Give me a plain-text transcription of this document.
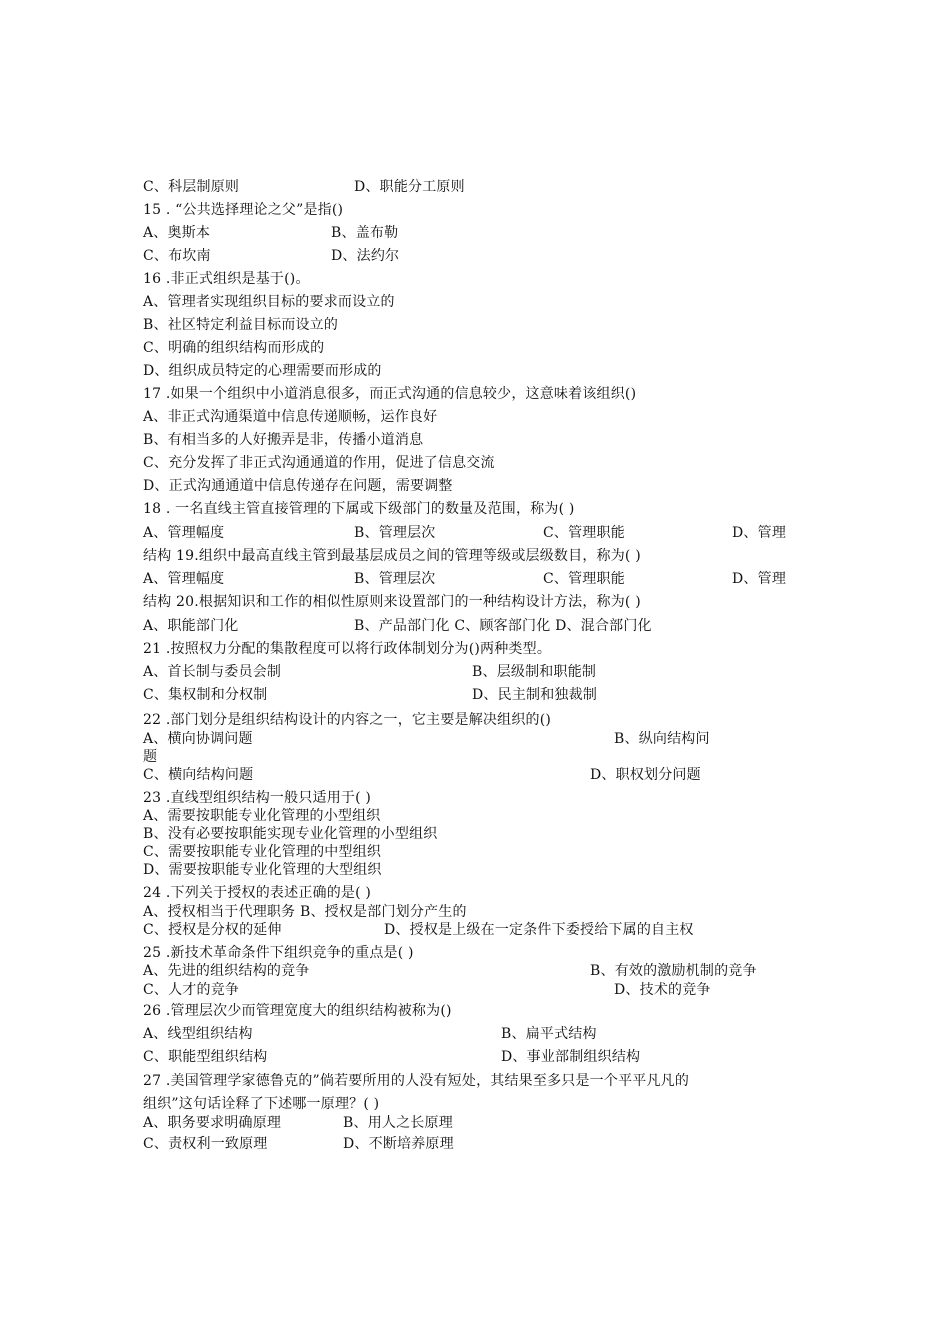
C、科层制原则	D、职能分工原则
15 . “公共选择理论之父”是指()
A、奥斯本	B、盖布勒
C、布坎南	D、法约尔
16 .非正式组织是基于()。
A、管理者实现组织目标的要求而设立的
B、社区特定利益目标而设立的
C、明确的组织结构而形成的
D、组织成员特定的心理需要而形成的
17 .如果一个组织中小道消息很多，而正式沟通的信息较少，这意味着该组织()
A、非正式沟通渠道中信息传递顺畅，运作良好
B、有相当多的人好搬弄是非，传播小道消息
C、充分发挥了非正式沟通通道的作用，促进了信息交流
D、正式沟通通道中信息传递存在问题，需要调整
18 . 一名直线主管直接管理的下属或下级部门的数量及范围，称为( )
A、管理幅度	B、管理层次	C、管理职能	D、管理
结构 19.组织中最高直线主管到最基层成员之间的管理等级或层级数目，称为( )
A、管理幅度	B、管理层次	C、管理职能	D、管理
结构 20.根据知识和工作的相似性原则来设置部门的一种结构设计方法，称为( )
A、职能部门化	B、产品部门化 C、顾客部门化 D、混合部门化
21 .按照权力分配的集散程度可以将行政体制划分为()两种类型。
A、首长制与委员会制	B、层级制和职能制
C、集权制和分权制	D、民主制和独裁制
22 .部门划分是组织结构设计的内容之一，它主要是解决组织的()
A、横向协调问题	B、纵向结构问
题
C、横向结构问题	D、职权划分问题
23 .直线型组织结构一般只适用于( )
A、需要按职能专业化管理的小型组织
B、没有必要按职能实现专业化管理的小型组织
C、需要按职能专业化管理的中型组织
D、需要按职能专业化管理的大型组织
24 .下列关于授权的表述正确的是( )
A、授权相当于代理职务 B、授权是部门划分产生的
C、授权是分权的延伸	D、授权是上级在一定条件下委授给下属的自主权
25 .新技术革命条件下组织竞争的重点是( )
A、先进的组织结构的竞争	B、有效的激励机制的竞争
C、人才的竞争	D、技术的竞争
26 .管理层次少而管理宽度大的组织结构被称为()
A、线型组织结构	B、扁平式结构
C、职能型组织结构	D、事业部制组织结构
27 .美国管理学家德鲁克的”倘若要所用的人没有短处，其结果至多只是一个平平凡凡的
组织”这句话诠释了下述哪一原理？( )
A、职务要求明确原理	B、用人之长原理
C、责权利一致原理	D、不断培养原理
